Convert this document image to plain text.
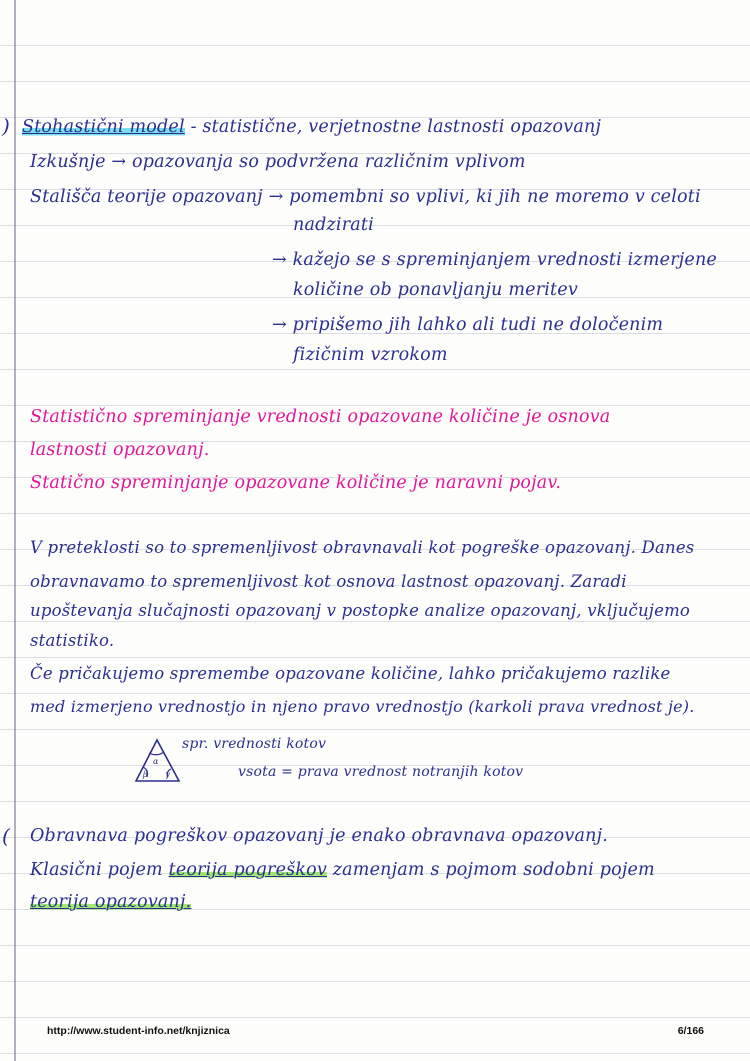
)
(
Stohastični model - statistične, verjetnostne lastnosti opazovanj
Izkušnje → opazovanja so podvržena različnim vplivom
Stališča teorije opazovanj → pomembni so vplivi, ki jih ne moremo v celoti
nadzirati
→ kažejo se s spreminjanjem vrednosti izmerjene
količine ob ponavljanju meritev
→ pripišemo jih lahko ali tudi ne določenim
fizičnim vzrokom
Statistično spreminjanje vrednosti opazovane količine je osnova
lastnosti opazovanj.
Statično spreminjanje opazovane količine je naravni pojav.
V preteklosti so to spremenljivost obravnavali kot pogreške opazovanj. Danes
obravnavamo to spremenljivost kot osnova lastnost opazovanj. Zaradi
upoštevanja slučajnosti opazovanj v postopke analize opazovanj, vključujemo
statistiko.
Če pričakujemo spremembe opazovane količine, lahko pričakujemo razlike
med izmerjeno vrednostjo in njeno pravo vrednostjo (karkoli prava vrednost je).
α
β γ
spr. vrednosti kotov
vsota = prava vrednost notranjih kotov
Obravnava pogreškov opazovanj je enako obravnava opazovanj.
Klasični pojem teorija pogreškov zamenjam s pojmom sodobni pojem
teorija opazovanj.
http://www.student-info.net/knjiznica	6/166
